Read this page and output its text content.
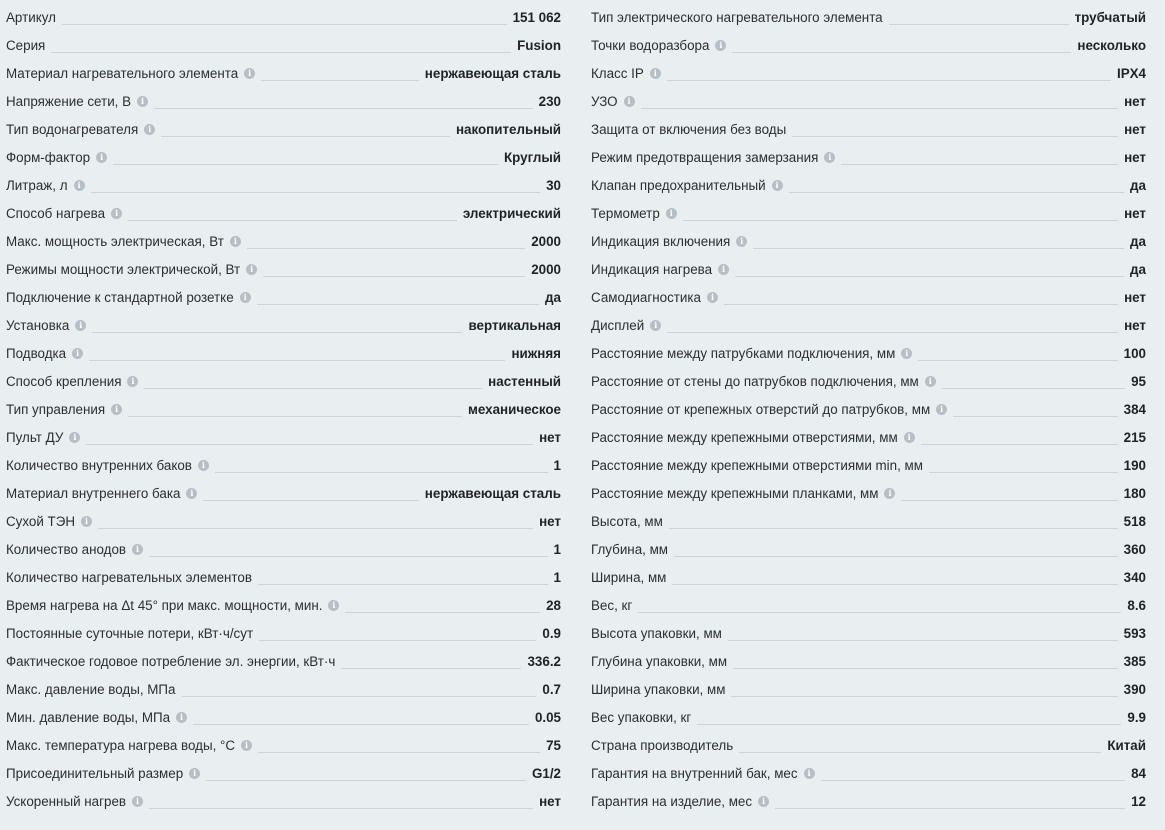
Артикул	151 062
Серия	Fusion
Материал нагревательного элемента	i	нержавеющая сталь
Напряжение сети, В	i	230
Тип водонагревателя	i	накопительный
Форм-фактор	i	Круглый
Литраж, л	i	30
Способ нагрева	i	электрический
Макс. мощность электрическая, Вт	i	2000
Режимы мощности электрической, Вт	i	2000
Подключение к стандартной розетке	i	да
Установка	i	вертикальная
Подводка	i	нижняя
Способ крепления	i	настенный
Тип управления	i	механическое
Пульт ДУ	i	нет
Количество внутренних баков	i	1
Материал внутреннего бака	i	нержавеющая сталь
Сухой ТЭН	i	нет
Количество анодов	i	1
Количество нагревательных элементов	1
Время нагрева на Δt 45° при макс. мощности, мин.	i	28
Постоянные суточные потери, кВт·ч/сут	0.9
Фактическое годовое потребление эл. энергии, кВт·ч	336.2
Макс. давление воды, МПа	0.7
Мин. давление воды, МПа	i	0.05
Макс. температура нагрева воды, °С	i	75
Присоединительный размер	i	G1/2
Ускоренный нагрев	i	нет
Тип электрического нагревательного элемента	трубчатый
Точки водоразбора	i	несколько
Класс IP	i	IPX4
УЗО	i	нет
Защита от включения без воды	нет
Режим предотвращения замерзания	i	нет
Клапан предохранительный	i	да
Термометр	i	нет
Индикация включения	i	да
Индикация нагрева	i	да
Самодиагностика	i	нет
Дисплей	i	нет
Расстояние между патрубками подключения, мм	i	100
Расстояние от стены до патрубков подключения, мм	i	95
Расстояние от крепежных отверстий до патрубков, мм	i	384
Расстояние между крепежными отверстиями, мм	i	215
Расстояние между крепежными отверстиями min, мм	190
Расстояние между крепежными планками, мм	i	180
Высота, мм	518
Глубина, мм	360
Ширина, мм	340
Вес, кг	8.6
Высота упаковки, мм	593
Глубина упаковки, мм	385
Ширина упаковки, мм	390
Вес упаковки, кг	9.9
Страна производитель	Китай
Гарантия на внутренний бак, мес	i	84
Гарантия на изделие, мес	i	12
